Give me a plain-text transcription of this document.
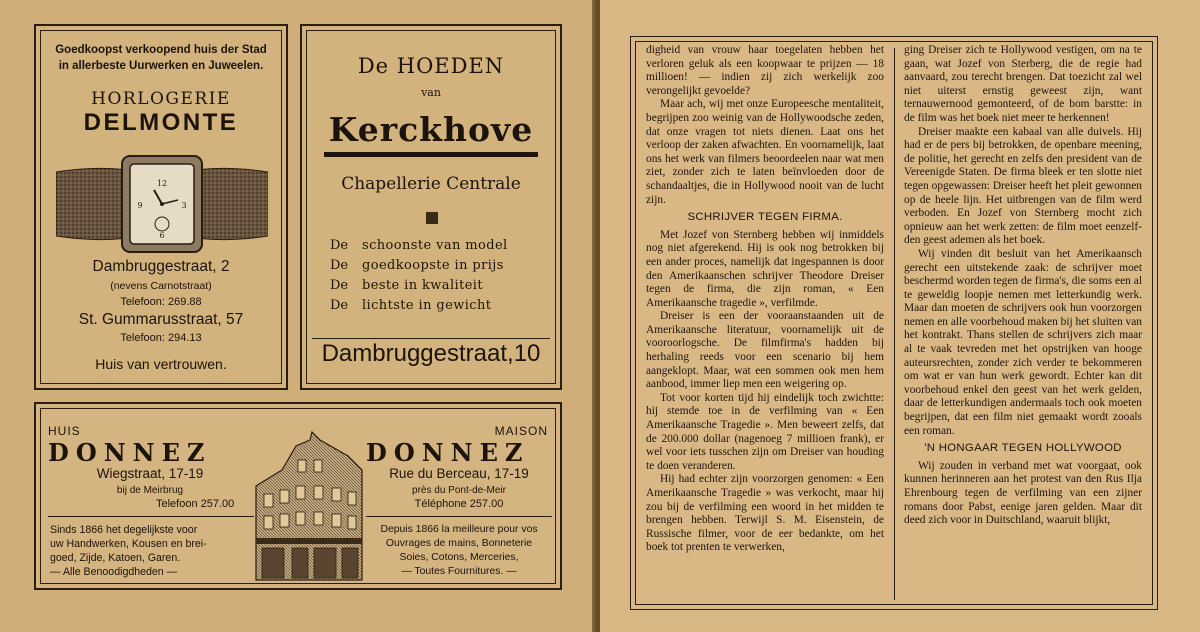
Goedkoopst verkoopend huis der Stad
in allerbeste Uurwerken en Juweelen.
HORLOGERIE
DELMONTE
12
9	3
6
Dambruggestraat, 2
(nevens Carnotstraat)
Telefoon: 269.88
St. Gummarusstraat, 57
Telefoon: 294.13
Huis van vertrouwen.
De HOEDEN
van
Kerckhove
Chapellerie Centrale
De schoonste van model
De goedkoopste in prijs
De beste in kwaliteit
De lichtste in gewicht
Dambruggestraat,10
HUIS
DONNEZ
Wiegstraat, 17-19
bij de Meirbrug
Telefoon 257.00
Sinds 1866 het degelijkste voor
uw Handwerken, Kousen en brei-
goed, Zijde, Katoen, Garen.
— Alle Benoodigdheden —
MAISON
DONNEZ
Rue du Berceau, 17-19
près du Pont-de-Meir
Téléphone 257.00
Depuis 1866 la meilleure pour vos
Ouvrages de mains, Bonneterie
Soies, Cotons, Merceries,
— Toutes Fournitures. —

digheid van vrouw haar toegelaten hebben het verloren geluk als een koopwaar te prijzen — 18 millioen! — indien zij zich werkelijk zoo verongelijkt gevoelde?

Maar ach, wij met onze Europeesche mentaliteit, begrijpen zoo weinig van de Hollywoodsche zeden, dat onze vragen tot niets dienen. Laat ons het verloop der zaken afwachten. En voornamelijk, laat ons het werk van filmers beoordeelen naar wat men ziet, zonder zich te laten beïnvloeden door de schandaaltjes, die in Hollywood nooit van de lucht zijn.

SCHRIJVER TEGEN FIRMA.

Met Jozef von Sternberg hebben wij inmiddels nog niet afgerekend. Hij is ook nog betrokken bij een ander proces, namelijk dat ingespannen is door den Amerikaanschen schrijver Theodore Dreiser tegen de firma, die zijn roman, « Een Amerikaansche tragedie », verfilmde.

Dreiser is een der vooraanstaanden uit de Amerikaansche literatuur, voornamelijk uit de vooroorlogsche. De filmfirma's hadden bij herhaling reeds voor een scenario bij hem aangeklopt. Maar, wat een sommen ook men hem aanbood, immer liep men een weigering op.

Tot voor korten tijd hij eindelijk toch zwichtte: hij stemde toe in de verfilming van « Een Amerikaansche Tragedie ». Men beweert zelfs, dat de 200.000 dollar (nagenoeg 7 millioen frank), er wel voor iets tusschen zijn om Dreiser van houding te doen veranderen.

Hij had echter zijn voorzorgen genomen: « Een Amerikaansche Tragedie » was verkocht, maar hij zou bij de verfilming een woord in het midden te brengen hebben. Terwijl S. M. Eisenstein, de Russische filmer, voor de eer bedankte, om het boek tot prenten te verwerken,

ging Dreiser zich te Hollywood vestigen, om na te gaan, wat Jozef von Sterberg, die de regie had aanvaard, zou terecht brengen. Dat toezicht zal wel niet uiterst ernstig geweest zijn, want ternauwernood gemonteerd, of de bom barstte: in de film was het boek niet meer te herkennen!

Dreiser maakte een kabaal van alle duivels. Hij had er de pers bij betrokken, de openbare meening, de politie, het gerecht en zelfs den president van de Vereenigde Staten. De firma bleek er ten slotte niet tegen opgewassen: Dreiser heeft het pleit gewonnen op de heele lijn. Het uitbrengen van de film werd verboden. En Jozef von Sternberg mocht zich opnieuw aan het werk zetten: de film moet eenzelfden geest ademen als het boek.

Wij vinden dit besluit van het Amerikaansch gerecht een uitstekende zaak: de schrijver moet beschermd worden tegen de firma's, die soms een al te geweldig loopje nemen met letterkundig werk. Maar dan moeten de schrijvers ook hun voorzorgen nemen en alle voorbehoud maken bij het sluiten van het kontrakt. Thans stellen de schrijvers zich maar al te vaak tevreden met het opstrijken van hooge auteursrechten, zonder zich verder te bekommeren om wat er van hun werk gewordt. Echter kan dit voorbehoud enkel den geest van het werk gelden, daar de letterkundigen andermaals toch ook moeten begrijpen, dat een film niet gemaakt wordt zooals een roman.

'N HONGAAR TEGEN HOLLYWOOD

Wij zouden in verband met wat voorgaat, ook kunnen herinneren aan het protest van den Rus Ilja Ehrenbourg tegen de verfilming van een zijner romans door Pabst, eenige jaren gelden. Maar dit deed zich voor in Duitschland, waaruit blijkt,
